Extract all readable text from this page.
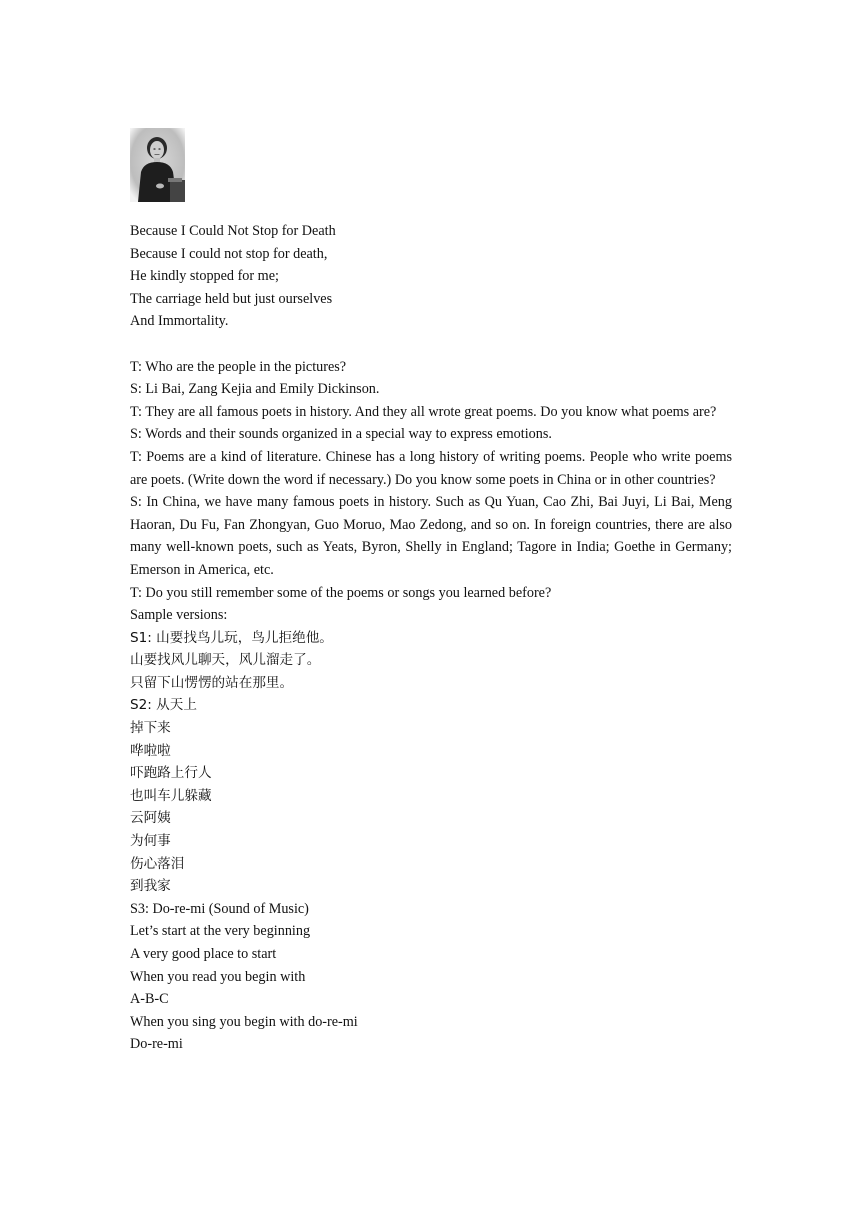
Because I Could Not Stop for Death

Because I could not stop for death,

He kindly stopped for me;

The carriage held but just ourselves

And Immortality.

T: Who are the people in the pictures?

S: Li Bai, Zang Kejia and Emily Dickinson.

T: They are all famous poets in history. And they all wrote great poems. Do you know what poems are?

S: Words and their sounds organized in a special way to express emotions.

T: Poems are a kind of literature. Chinese has a long history of writing poems. People who write poems are poets. (Write down the word if necessary.) Do you know some poets in China or in other countries?

S: In China, we have many famous poets in history. Such as Qu Yuan, Cao Zhi, Bai Juyi, Li Bai, Meng Haoran, Du Fu, Fan Zhongyan, Guo Moruo, Mao Zedong, and so on. In foreign countries, there are also many well-known poets, such as Yeats, Byron, Shelly in England; Tagore in India; Goethe in Germany; Emerson in America, etc.

T: Do you still remember some of the poems or songs you learned before?

Sample versions:

S1: 山要找鸟儿玩，鸟儿拒绝他。

山要找风儿聊天，风儿溜走了。

只留下山愣愣的站在那里。

S2: 从天上

掉下来

哗啦啦

吓跑路上行人

也叫车儿躲藏

云阿姨

为何事

伤心落泪

到我家

S3: Do-re-mi (Sound of Music)

Let’s start at the very beginning

A very good place to start

When you read you begin with

A-B-C

When you sing you begin with do-re-mi

Do-re-mi
